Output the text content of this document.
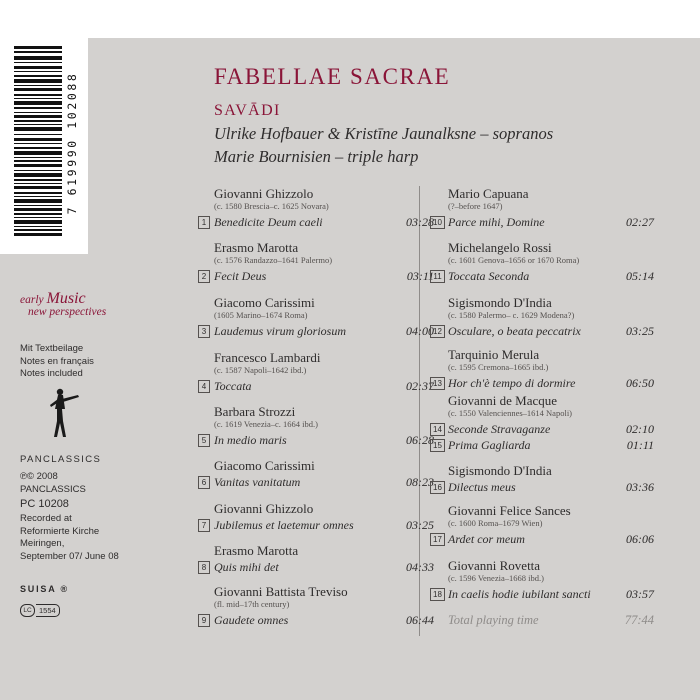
7 619990 102088	FABELLAE SACRAE
SAVĀDI
Ulrike Hofbauer & Kristīne Jaunalksne – sopranos
Marie Bournisien – triple harp
early Music
new perspectives
Mit Textbeilage
Notes en français
Notes included
PANCLASSICS
℗© 2008
PANCLASSICS
PC 10208
Recorded at
Reformierte Kirche
Meiringen,
September 07/ June 08
SUISA ®
LC 1554
Giovanni Ghizzolo
(c. 1580 Brescia–c. 1625 Novara)
1 Benedicite Deum caeli	03:28
Erasmo Marotta
(c. 1576 Randazzo–1641 Palermo)
2 Fecit Deus	03:11
Giacomo Carissimi
(1605 Marino–1674 Roma)
3 Laudemus virum gloriosum	04:00
Francesco Lambardi
(c. 1587 Napoli–1642 ibd.)
4 Toccata	02:37
Barbara Strozzi
(c. 1619 Venezia–c. 1664 ibd.)
5 In medio maris	06:28
Giacomo Carissimi
6 Vanitas vanitatum	08:23
Giovanni Ghizzolo
7 Jubilemus et laetemur omnes	03:25
Erasmo Marotta
8 Quis mihi det	04:33
Giovanni Battista Treviso
(fl. mid–17th century)
9 Gaudete omnes	06:44
Mario Capuana
(?–before 1647)
10 Parce mihi, Domine	02:27
Michelangelo Rossi
(c. 1601 Genova–1656 or 1670 Roma)
11 Toccata Seconda	05:14
Sigismondo D'India
(c. 1580 Palermo– c. 1629 Modena?)
12 Osculare, o beata peccatrix	03:25
Tarquinio Merula
(c. 1595 Cremona–1665 ibd.)
13 Hor ch'è tempo di dormire	06:50
Giovanni de Macque
(c. 1550 Valenciennes–1614 Napoli)
14 Seconde Stravaganze	02:10
15 Prima Gagliarda	01:11
Sigismondo D'India
16 Dilectus meus	03:36
Giovanni Felice Sances
(c. 1600 Roma–1679 Wien)
17 Ardet cor meum	06:06
Giovanni Rovetta
(c. 1596 Venezia–1668 ibd.)
18 In caelis hodie iubilant sancti	03:57
Total playing time	77:44
